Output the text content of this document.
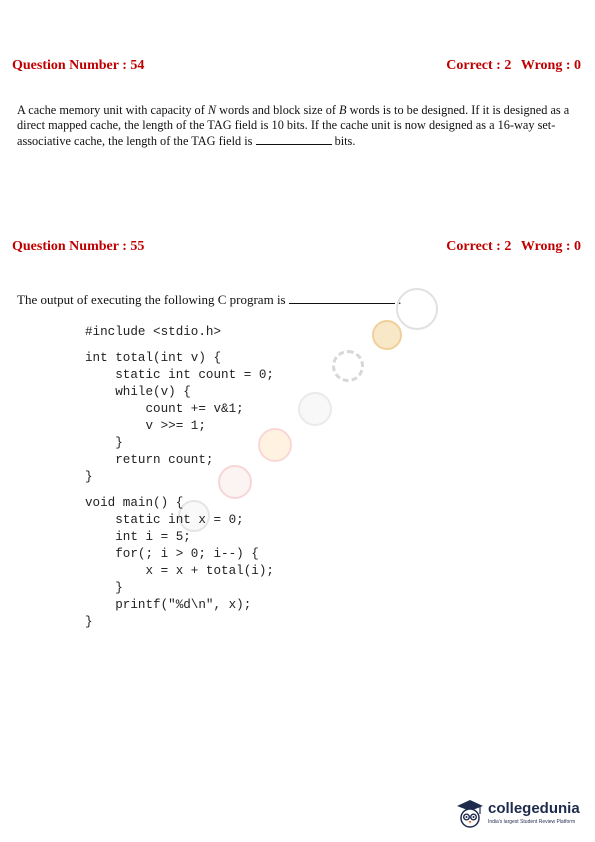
Question Number : 54	Correct : 2 Wrong : 0
A cache memory unit with capacity of N words and block size of B words is to be designed. If it is designed as a direct mapped cache, the length of the TAG field is 10 bits. If the cache unit is now designed as a 16-way set-associative cache, the length of the TAG field is	bits.
Question Number : 55	Correct : 2 Wrong : 0
The output of executing the following C program is	.
#include <stdio.h>
int total(int v) {
static int count = 0;
while(v) {
count += v&1;
v >>= 1;
}
return count;
}
void main() {
static int x = 0;
int i = 5;
for(; i > 0; i--) {
x = x + total(i);
}
printf("%d\n", x);
}
collegedunia
India's largest Student Review Platform
